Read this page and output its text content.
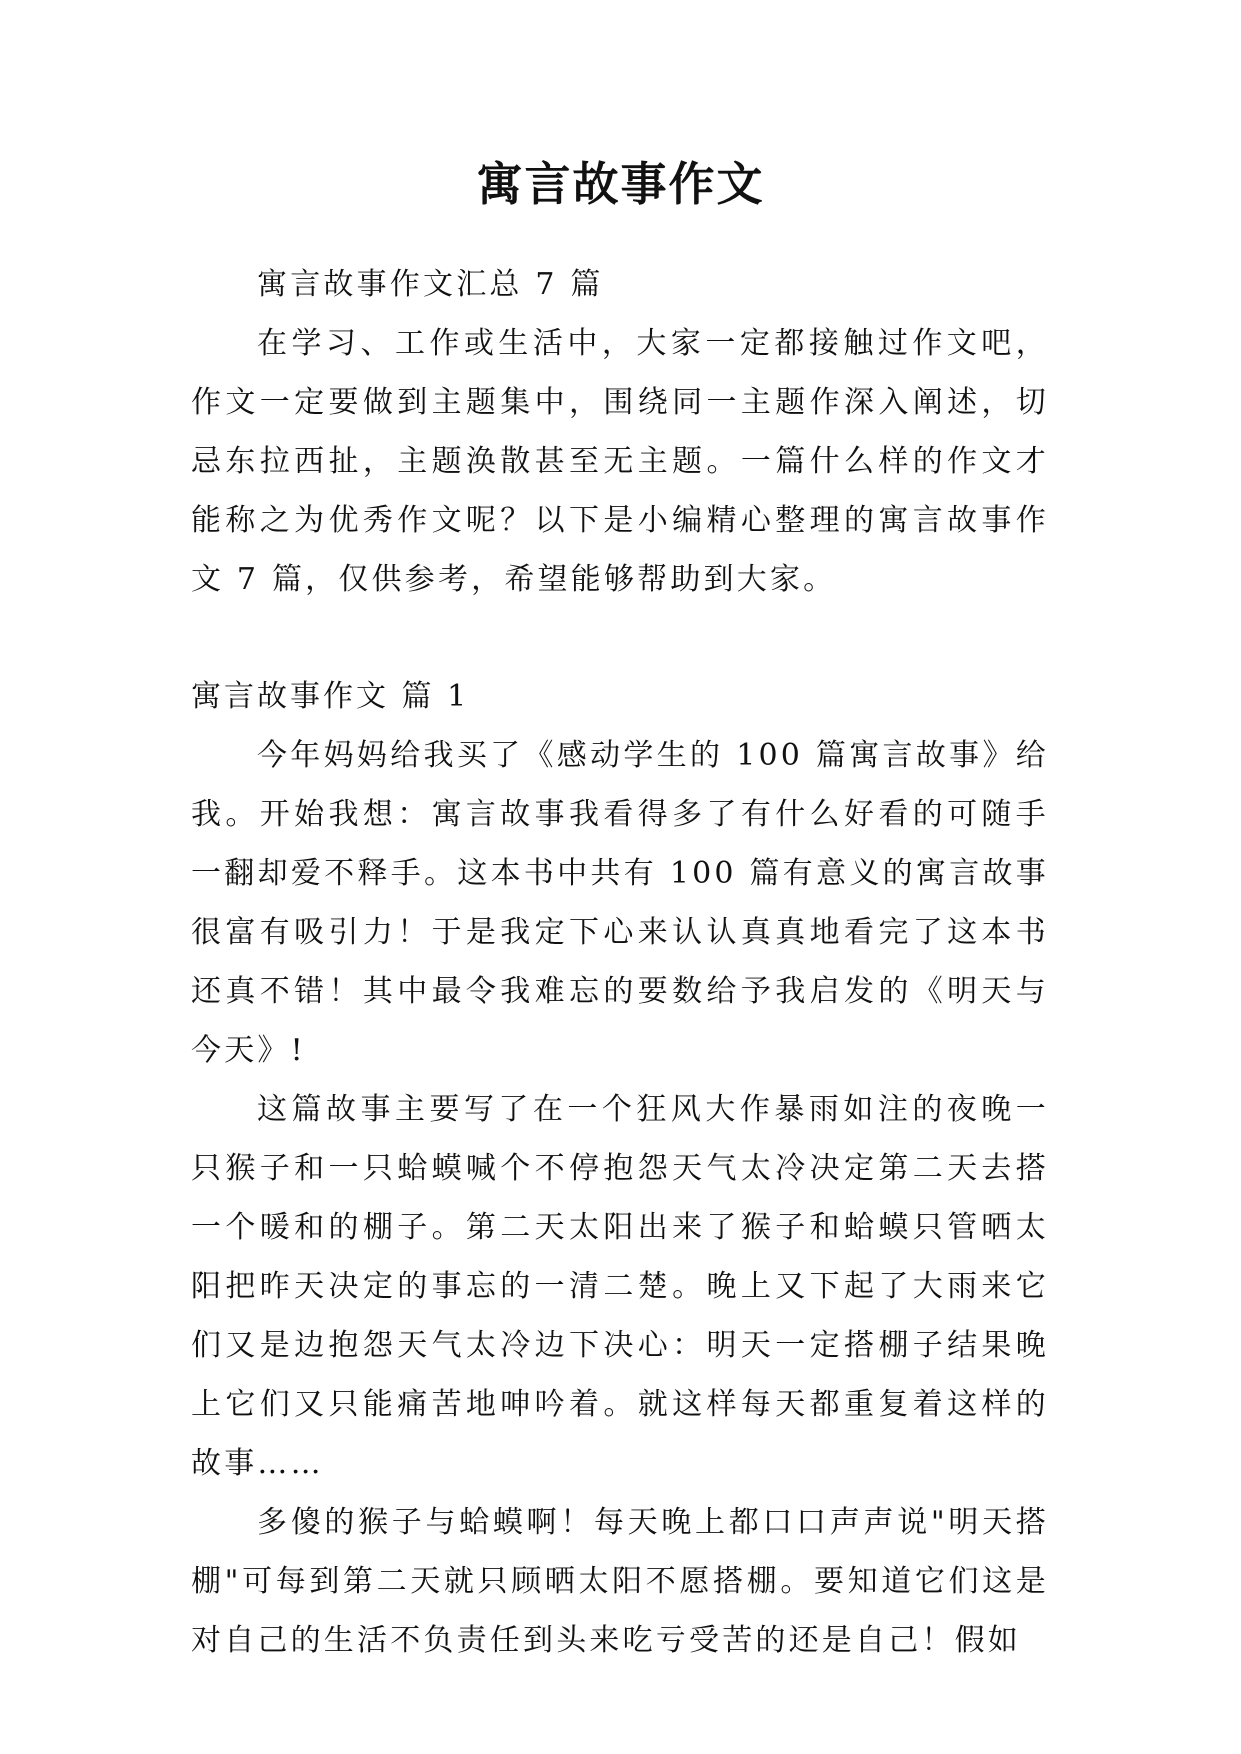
寓言故事作文

寓言故事作文汇总 7 篇

在学习、工作或生活中，大家一定都接触过作文吧，作文一定要做到主题集中，围绕同一主题作深入阐述，切忌东拉西扯，主题涣散甚至无主题。一篇什么样的作文才能称之为优秀作文呢？以下是小编精心整理的寓言故事作文 7 篇，仅供参考，希望能够帮助到大家。

寓言故事作文 篇 1

今年妈妈给我买了《感动学生的 100 篇寓言故事》给我。开始我想：寓言故事我看得多了有什么好看的可随手一翻却爱不释手。这本书中共有 100 篇有意义的寓言故事很富有吸引力！于是我定下心来认认真真地看完了这本书还真不错！其中最令我难忘的要数给予我启发的《明天与今天》!

这篇故事主要写了在一个狂风大作暴雨如注的夜晚一只猴子和一只蛤蟆喊个不停抱怨天气太冷决定第二天去搭一个暖和的棚子。第二天太阳出来了猴子和蛤蟆只管晒太阳把昨天决定的事忘的一清二楚。晚上又下起了大雨来它们又是边抱怨天气太冷边下决心：明天一定搭棚子结果晚上它们又只能痛苦地呻吟着。就这样每天都重复着这样的故事……

多傻的猴子与蛤蟆啊！每天晚上都口口声声说"明天搭棚"可每到第二天就只顾晒太阳不愿搭棚。要知道它们这是对自己的生活不负责任到头来吃亏受苦的还是自己！假如
